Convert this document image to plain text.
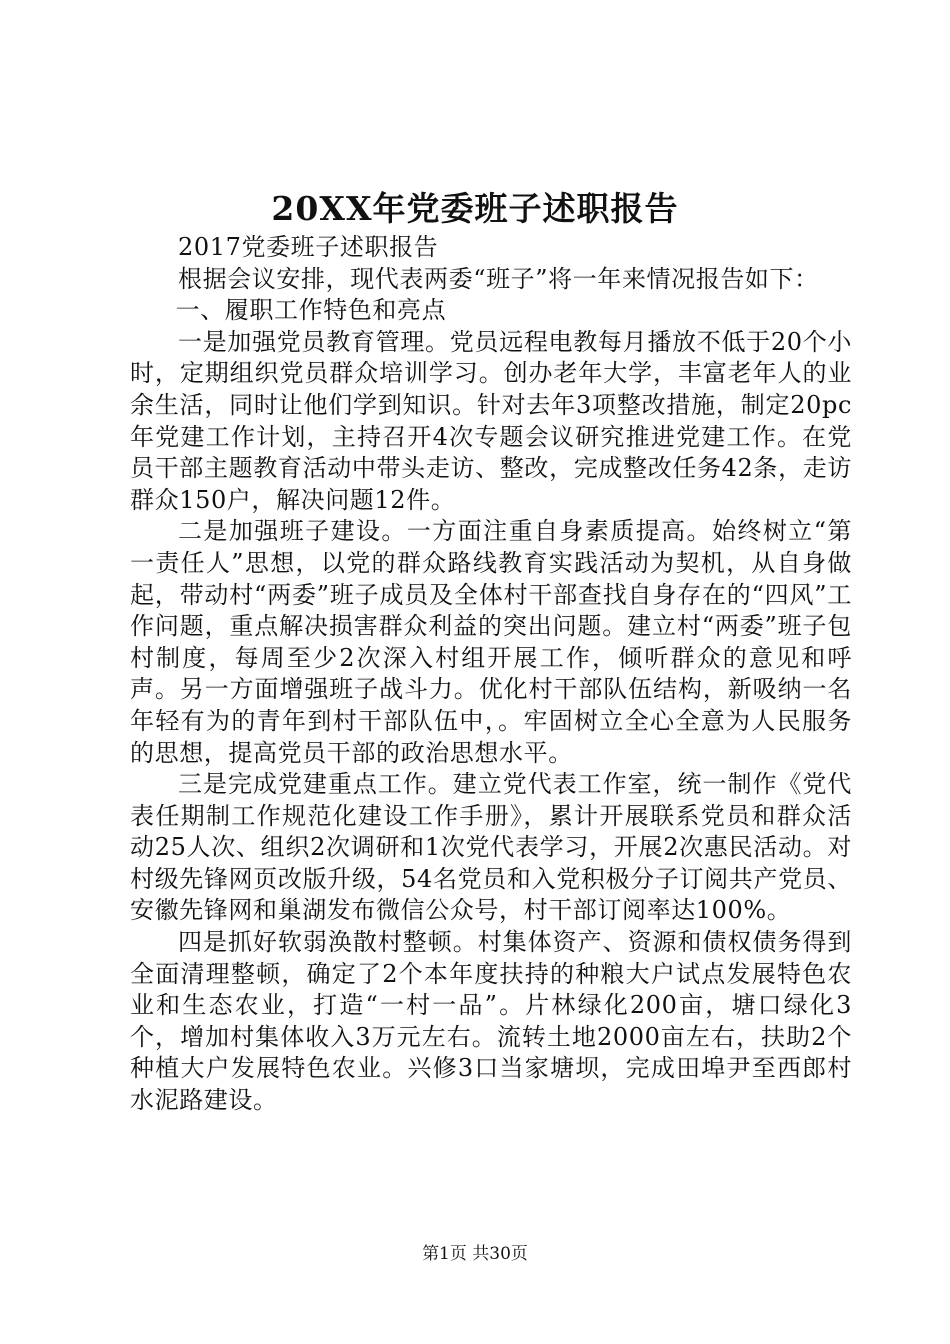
20XX年党委班子述职报告

2017党委班子述职报告

根据会议安排，现代表两委“班子”将一年来情况报告如下：

一、履职工作特色和亮点

一是加强党员教育管理。党员远程电教每月播放不低于20个小时，定期组织党员群众培训学习。创办老年大学，丰富老年人的业余生活，同时让他们学到知识。针对去年3项整改措施，制定20pc年党建工作计划，主持召开4次专题会议研究推进党建工作。在党员干部主题教育活动中带头走访、整改，完成整改任务42条，走访群众150户，解决问题12件。

二是加强班子建设。一方面注重自身素质提高。始终树立“第一责任人”思想，以党的群众路线教育实践活动为契机，从自身做起，带动村“两委”班子成员及全体村干部查找自身存在的“四风”工作问题，重点解决损害群众利益的突出问题。建立村“两委”班子包村制度，每周至少2次深入村组开展工作，倾听群众的意见和呼声。另一方面增强班子战斗力。优化村干部队伍结构，新吸纳一名年轻有为的青年到村干部队伍中，。牢固树立全心全意为人民服务的思想，提高党员干部的政治思想水平。

三是完成党建重点工作。建立党代表工作室，统一制作《党代表任期制工作规范化建设工作手册》，累计开展联系党员和群众活动25人次、组织2次调研和1次党代表学习，开展2次惠民活动。对村级先锋网页改版升级，54名党员和入党积极分子订阅共产党员、安徽先锋网和巢湖发布微信公众号，村干部订阅率达100%。

四是抓好软弱涣散村整顿。村集体资产、资源和债权债务得到全面清理整顿，确定了2个本年度扶持的种粮大户试点发展特色农业和生态农业，打造“一村一品”。片林绿化200亩，塘口绿化3个，增加村集体收入3万元左右。流转土地2000亩左右，扶助2个种植大户发展特色农业。兴修3口当家塘坝，完成田埠尹至西郎村水泥路建设。

第1页 共30页
